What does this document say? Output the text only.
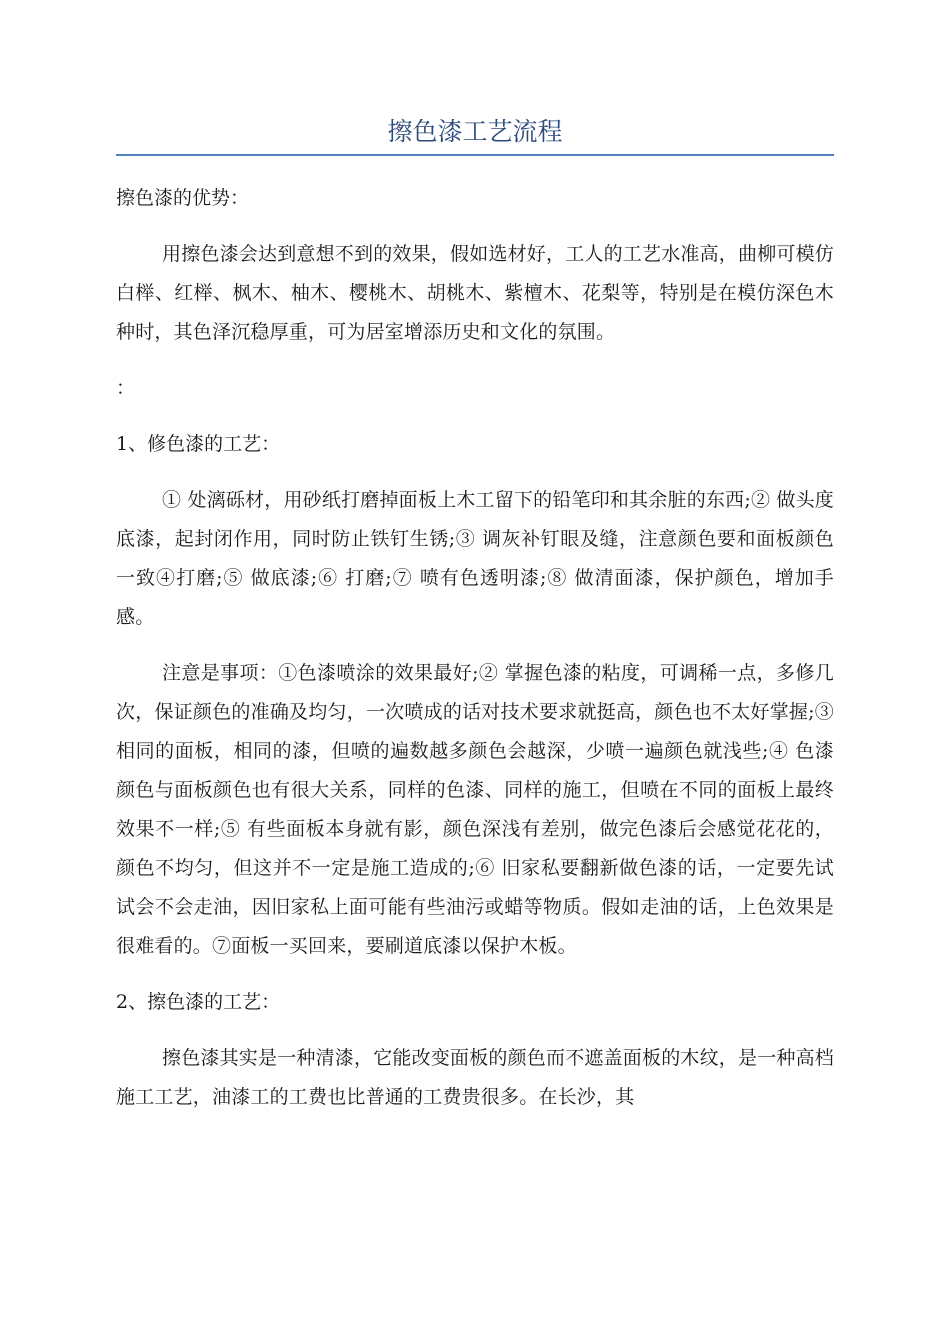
擦色漆工艺流程

擦色漆的优势：

用擦色漆会达到意想不到的效果，假如选材好，工人的工艺水准高，曲柳可模仿白榉、红榉、枫木、柚木、樱桃木、胡桃木、紫檀木、花梨等，特别是在模仿深色木种时，其色泽沉稳厚重，可为居室增添历史和文化的氛围。

：

1、修色漆的工艺：

① 处漓砾材，用砂纸打磨掉面板上木工留下的铅笔印和其余脏的东西;② 做头度底漆，起封闭作用，同时防止铁钉生锈;③ 调灰补钉眼及缝，注意颜色要和面板颜色一致④打磨;⑤ 做底漆;⑥ 打磨;⑦ 喷有色透明漆;⑧ 做清面漆，保护颜色，增加手感。

注意是事项：①色漆喷涂的效果最好;② 掌握色漆的粘度，可调稀一点，多修几次，保证颜色的准确及均匀，一次喷成的话对技术要求就挺高，颜色也不太好掌握;③ 相同的面板，相同的漆，但喷的遍数越多颜色会越深，少喷一遍颜色就浅些;④ 色漆颜色与面板颜色也有很大关系，同样的色漆、同样的施工，但喷在不同的面板上最终效果不一样;⑤ 有些面板本身就有影，颜色深浅有差别，做完色漆后会感觉花花的，颜色不均匀，但这并不一定是施工造成的;⑥ 旧家私要翻新做色漆的话，一定要先试试会不会走油，因旧家私上面可能有些油污或蜡等物质。假如走油的话，上色效果是很难看的。⑦面板一买回来，要刷道底漆以保护木板。

2、擦色漆的工艺：

擦色漆其实是一种清漆，它能改变面板的颜色而不遮盖面板的木纹，是一种高档施工工艺，油漆工的工费也比普通的工费贵很多。在长沙，其
